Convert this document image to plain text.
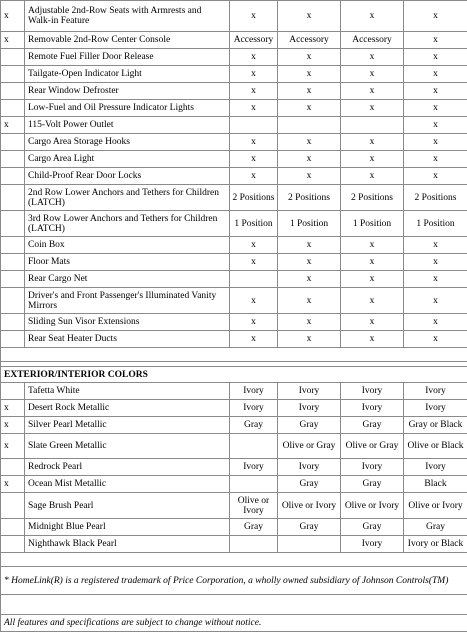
x	Adjustable 2nd-Row Seats with Armrests and Walk-in Feature	x	x	x	x
x	Removable 2nd-Row Center Console	Accessory	Accessory	Accessory	x
	Remote Fuel Filler Door Release	x	x	x	x
	Tailgate-Open Indicator Light	x	x	x	x
	Rear Window Defroster	x	x	x	x
	Low-Fuel and Oil Pressure Indicator Lights	x	x	x	x
x	115-Volt Power Outlet				x
	Cargo Area Storage Hooks	x	x	x	x
	Cargo Area Light	x	x	x	x
	Child-Proof Rear Door Locks	x	x	x	x
	2nd Row Lower Anchors and Tethers for Children (LATCH)	2 Positions	2 Positions	2 Positions	2 Positions
	3rd Row Lower Anchors and Tethers for Children (LATCH)	1 Position	1 Position	1 Position	1 Position
	Coin Box	x	x	x	x
	Floor Mats	x	x	x	x
	Rear Cargo Net		x	x	x
	Driver's and Front Passenger's Illuminated Vanity Mirrors	x	x	x	x
	Sliding Sun Visor Extensions	x	x	x	x
	Rear Seat Heater Ducts	x	x	x	x

EXTERIOR/INTERIOR COLORS					
	Tafetta White	Ivory	Ivory	Ivory	Ivory
x	Desert Rock Metallic	Ivory	Ivory	Ivory	Ivory
x	Silver Pearl Metallic	Gray	Gray	Gray	Gray or Black
x	Slate Green Metallic		Olive or Gray	Olive or Gray	Olive or Black
	Redrock Pearl	Ivory	Ivory	Ivory	Ivory
x	Ocean Mist Metallic		Gray	Gray	Black
	Sage Brush Pearl	Olive or Ivory	Olive or Ivory	Olive or Ivory	Olive or Ivory
	Midnight Blue Pearl	Gray	Gray	Gray	Gray
	Nighthawk Black Pearl			Ivory	Ivory or Black

* HomeLink(R) is a registered trademark of Price Corporation, a wholly owned subsidiary of Johnson Controls(TM)					

All features and specifications are subject to change without notice.					
